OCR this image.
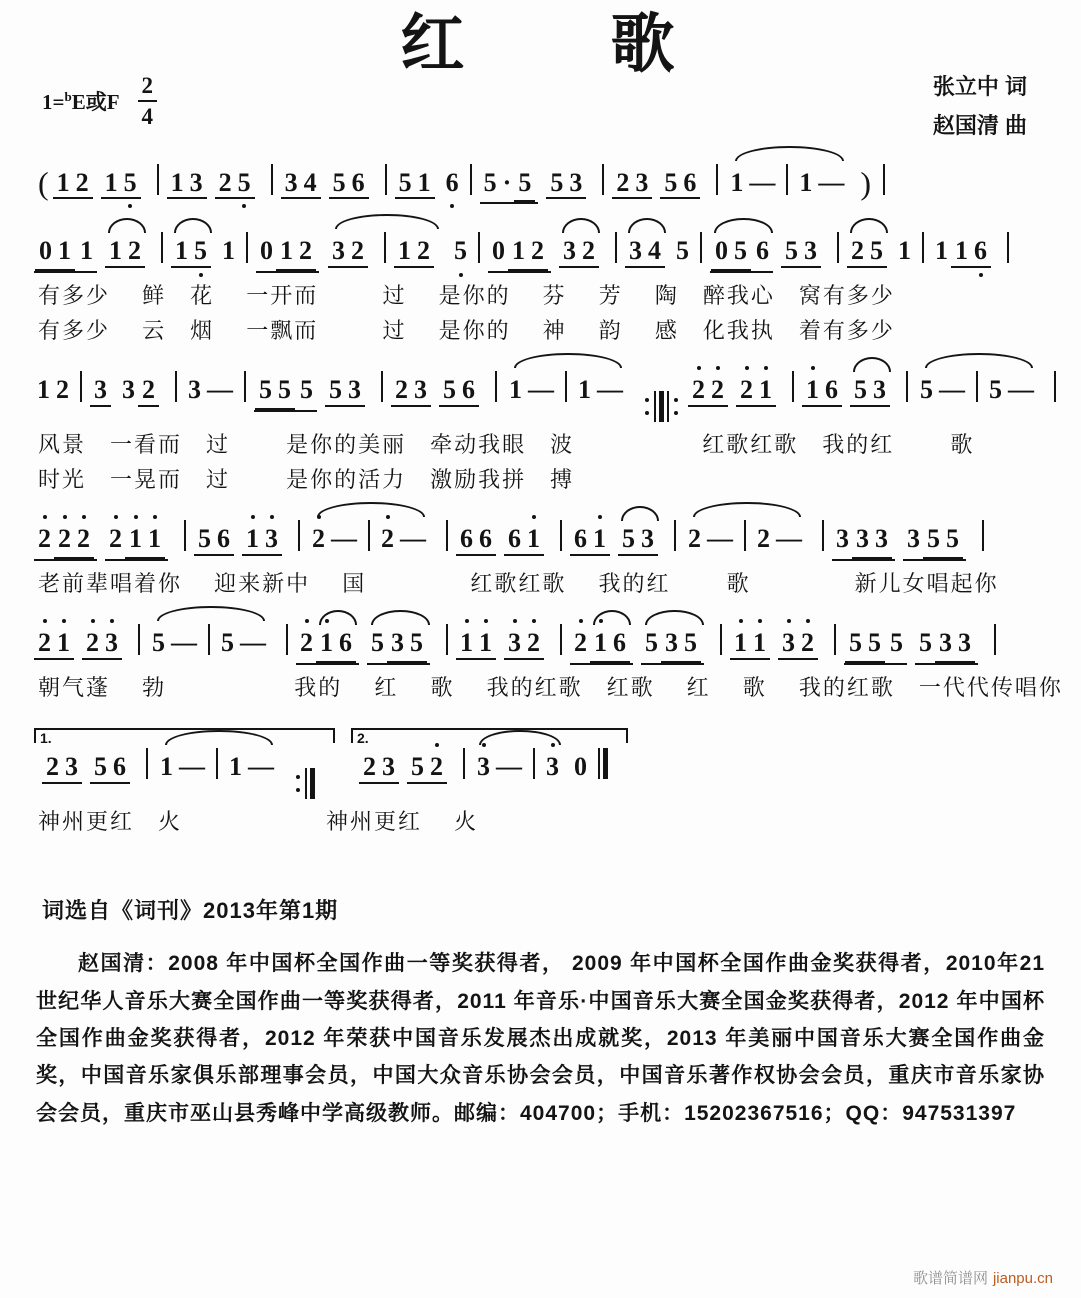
红　　歌
张立中 词
赵国清 曲
1=$^b$E或F $\frac{2}{4}$
( 1 2 1 5 1 3 2 5 3 4 5 6 5 1 6 5 · 5 5 3 2 3 5 6 1 — 1 — )
0 1 1 1 2 1 5 1 0 1 2 3 2 1 2 5 0 1 2 3 2 3 4 5 0 5 6 5 3 2 5 1 1 1 6
有多少　 鲜　花　 一开而　　  过　 是你的　 芬　 芳　 陶　醉我心　窝有多少
有多少　 云　烟　 一飘而　　  过　 是你的　 神　 韵　 感　化我执　着有多少
1 2 3 3 2 3 — 5 5 5 5 3 2 3 5 6 1 — 1 —	2 2 2 1 1 6 5 3 5 — 5 —
风景　一看而　过　　 是你的美丽　牵动我眼　波　　　　　 红歌红歌　我的红　　 歌
时光　一晃而　过　　 是你的活力　激励我拼　搏
2 2 2 2 1 1 5 6 1 3 2 — 2 — 6 6 6 1 6 1 5 3 2 — 2 — 3 3 3 3 5 5
老前辈唱着你　 迎来新中　 国　　　　 红歌红歌　 我的红　　 歌　　　　 新儿女唱起你
2 1 2 3 5 — 5 — 2 1 6 5 3 5 1 1 3 2 2 1 6 5 3 5 1 1 3 2 5 5 5 5 3 3
朝气蓬　 勃　　　　　 我的　 红　 歌　 我的红歌　红歌　 红　 歌　 我的红歌　一代代传唱你
1.
2 3 5 6 1 — 1 —
2.
2 3 5 2 3 — 3 0
神州更红　火　　　　　　神州更红　 火
词选自《词刊》2013年第1期
赵国清：2008 年中国杯全国作曲一等奖获得者， 2009 年中国杯全国作曲金奖获得者，2010年21世纪华人音乐大赛全国作曲一等奖获得者，2011 年音乐·中国音乐大赛全国金奖获得者，2012 年中国杯全国作曲金奖获得者，2012 年荣获中国音乐发展杰出成就奖，2013 年美丽中国音乐大赛全国作曲金奖，中国音乐家俱乐部理事会员，中国大众音乐协会会员，中国音乐著作权协会会员，重庆市音乐家协会会员，重庆市巫山县秀峰中学高级教师。邮编：404700；手机：15202367516；QQ：947531397
歌谱简谱网 jianpu.cn
